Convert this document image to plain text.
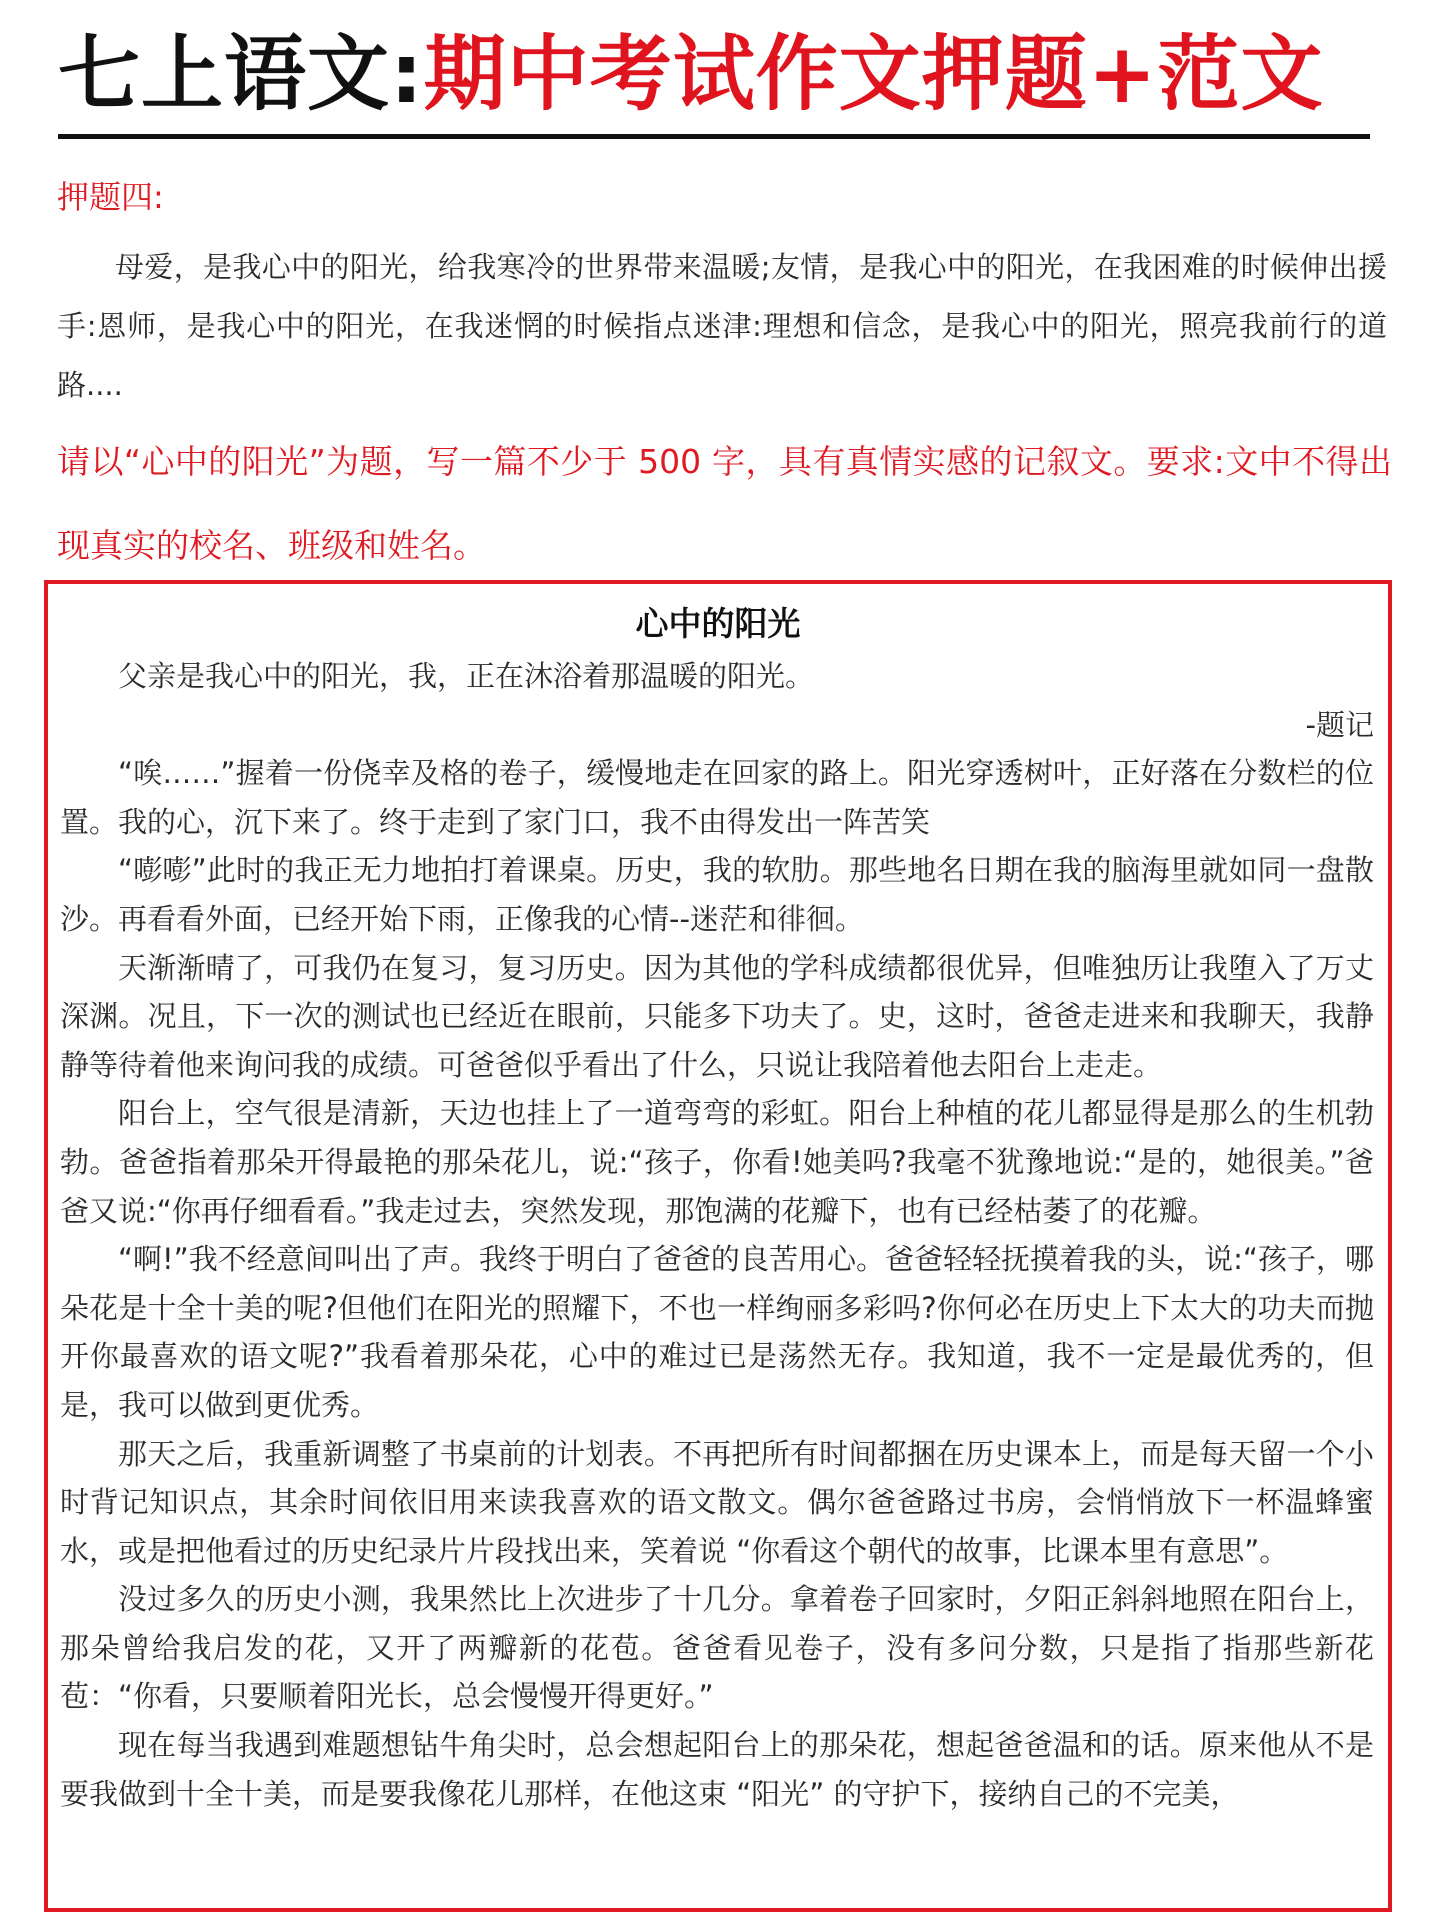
七上语文:期中考试作文押题+范文
押题四:

母爱，是我心中的阳光，给我寒冷的世界带来温暖;友情，是我心中的阳光，在我困难的时候伸出援手:恩师，是我心中的阳光，在我迷惘的时候指点迷津:理想和信念，是我心中的阳光，照亮我前行的道路....

请以“心中的阳光”为题，写一篇不少于 500 字，具有真情实感的记叙文。要求:文中不得出现真实的校名、班级和姓名。

心中的阳光

父亲是我心中的阳光，我，正在沐浴着那温暖的阳光。

-题记

“唉……”握着一份侥幸及格的卷子，缓慢地走在回家的路上。阳光穿透树叶，正好落在分数栏的位置。我的心，沉下来了。终于走到了家门口，我不由得发出一阵苦笑

“嘭嘭”此时的我正无力地拍打着课桌。历史，我的软肋。那些地名日期在我的脑海里就如同一盘散沙。再看看外面，已经开始下雨，正像我的心情--迷茫和徘徊。

天渐渐晴了，可我仍在复习，复习历史。因为其他的学科成绩都很优异，但唯独历让我堕入了万丈深渊。况且，下一次的测试也已经近在眼前，只能多下功夫了。史，这时，爸爸走进来和我聊天，我静静等待着他来询问我的成绩。可爸爸似乎看出了什么，只说让我陪着他去阳台上走走。

阳台上，空气很是清新，天边也挂上了一道弯弯的彩虹。阳台上种植的花儿都显得是那么的生机勃勃。爸爸指着那朵开得最艳的那朵花儿，说:“孩子，你看!她美吗?我毫不犹豫地说:“是的，她很美。”爸爸又说:“你再仔细看看。”我走过去，突然发现，那饱满的花瓣下，也有已经枯萎了的花瓣。

“啊!”我不经意间叫出了声。我终于明白了爸爸的良苦用心。爸爸轻轻抚摸着我的头，说:“孩子，哪朵花是十全十美的呢?但他们在阳光的照耀下，不也一样绚丽多彩吗?你何必在历史上下太大的功夫而抛开你最喜欢的语文呢?”我看着那朵花，心中的难过已是荡然无存。我知道，我不一定是最优秀的，但是，我可以做到更优秀。

那天之后，我重新调整了书桌前的计划表。不再把所有时间都捆在历史课本上，而是每天留一个小时背记知识点，其余时间依旧用来读我喜欢的语文散文。偶尔爸爸路过书房，会悄悄放下一杯温蜂蜜水，或是把他看过的历史纪录片片段找出来，笑着说 “你看这个朝代的故事，比课本里有意思”。

没过多久的历史小测，我果然比上次进步了十几分。拿着卷子回家时，夕阳正斜斜地照在阳台上，那朵曾给我启发的花，又开了两瓣新的花苞。爸爸看见卷子，没有多问分数，只是指了指那些新花苞：“你看，只要顺着阳光长，总会慢慢开得更好。”

现在每当我遇到难题想钻牛角尖时，总会想起阳台上的那朵花，想起爸爸温和的话。原来他从不是要我做到十全十美，而是要我像花儿那样，在他这束 “阳光” 的守护下，接纳自己的不完美，
